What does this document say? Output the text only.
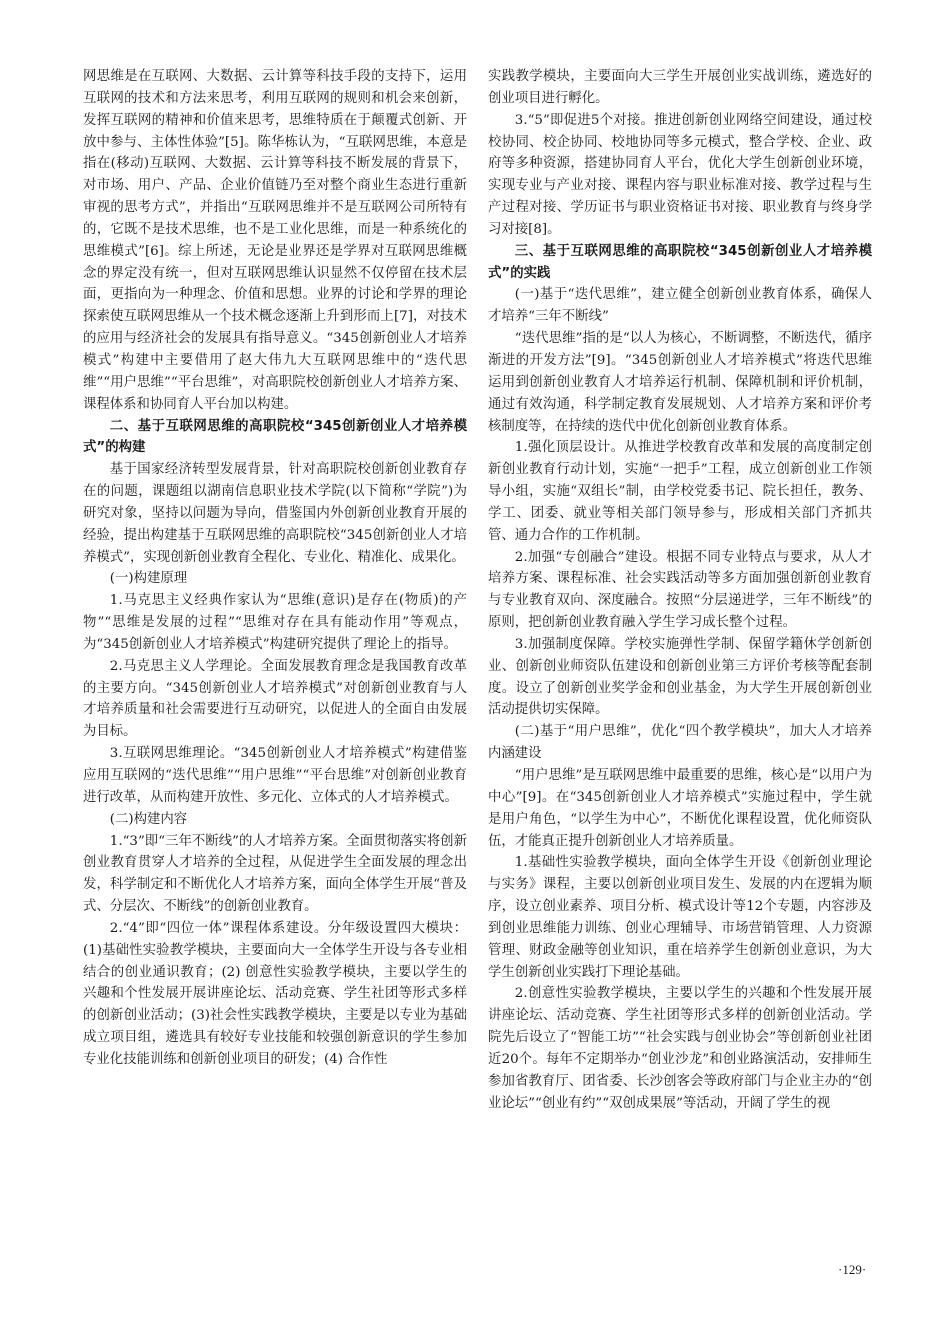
网思维是在互联网、大数据、云计算等科技手段的支持下，运用互联网的技术和方法来思考，利用互联网的规则和机会来创新，发挥互联网的精神和价值来思考，思维特质在于颠覆式创新、开放中参与、主体性体验”[5]。陈华栋认为，“互联网思维，本意是指在(移动)互联网、大数据、云计算等科技不断发展的背景下，对市场、用户、产品、企业价值链乃至对整个商业生态进行重新审视的思考方式”，并指出“互联网思维并不是互联网公司所特有的，它既不是技术思维，也不是工业化思维，而是一种系统化的思维模式”[6]。综上所述，无论是业界还是学界对互联网思维概念的界定没有统一，但对互联网思维认识显然不仅停留在技术层面，更指向为一种理念、价值和思想。业界的讨论和学界的理论探索使互联网思维从一个技术概念逐渐上升到形而上[7]，对技术的应用与经济社会的发展具有指导意义。“345创新创业人才培养模式”构建中主要借用了赵大伟九大互联网思维中的“迭代思维”“用户思维”“平台思维”，对高职院校创新创业人才培养方案、课程体系和协同育人平台加以构建。

二、基于互联网思维的高职院校“345创新创业人才培养模式”的构建

基于国家经济转型发展背景，针对高职院校创新创业教育存在的问题，课题组以湖南信息职业技术学院(以下简称“学院”)为研究对象，坚持以问题为导向，借鉴国内外创新创业教育开展的经验，提出构建基于互联网思维的高职院校“345创新创业人才培养模式”，实现创新创业教育全程化、专业化、精准化、成果化。

(一)构建原理

1.马克思主义经典作家认为“思维(意识)是存在(物质)的产物”“思维是发展的过程”“思维对存在具有能动作用”等观点，为“345创新创业人才培养模式”构建研究提供了理论上的指导。

2.马克思主义人学理论。全面发展教育理念是我国教育改革的主要方向。“345创新创业人才培养模式”对创新创业教育与人才培养质量和社会需要进行互动研究，以促进人的全面自由发展为目标。

3.互联网思维理论。“345创新创业人才培养模式”构建借鉴应用互联网的“迭代思维”“用户思维”“平台思维”对创新创业教育进行改革，从而构建开放性、多元化、立体式的人才培养模式。

(二)构建内容

1.“3”即“三年不断线”的人才培养方案。全面贯彻落实将创新创业教育贯穿人才培养的全过程，从促进学生全面发展的理念出发，科学制定和不断优化人才培养方案，面向全体学生开展“普及式、分层次、不断线”的创新创业教育。

2.“4”即“四位一体”课程体系建设。分年级设置四大模块：(1)基础性实验教学模块，主要面向大一全体学生开设与各专业相结合的创业通识教育；(2) 创意性实验教学模块，主要以学生的兴趣和个性发展开展讲座论坛、活动竞赛、学生社团等形式多样的创新创业活动；(3)社会性实践教学模块，主要是以专业为基础成立项目组，遴选具有较好专业技能和较强创新意识的学生参加专业化技能训练和创新创业项目的研发；(4) 合作性

实践教学模块，主要面向大三学生开展创业实战训练，遴选好的创业项目进行孵化。

3.“5”即促进5个对接。推进创新创业网络空间建设，通过校校协同、校企协同、校地协同等多元模式，整合学校、企业、政府等多种资源，搭建协同育人平台，优化大学生创新创业环境，实现专业与产业对接、课程内容与职业标准对接、教学过程与生产过程对接、学历证书与职业资格证书对接、职业教育与终身学习对接[8]。

三、基于互联网思维的高职院校“345创新创业人才培养模式”的实践
(一)基于“迭代思维”，建立健全创新创业教育体系，确保人才培养“三年不断线”

“迭代思维”指的是“以人为核心，不断调整，不断迭代，循序渐进的开发方法”[9]。“345创新创业人才培养模式”将迭代思维运用到创新创业教育人才培养运行机制、保障机制和评价机制，通过有效沟通，科学制定教育发展规划、人才培养方案和评价考核制度等，在持续的迭代中优化创新创业教育体系。

1.强化顶层设计。从推进学校教育改革和发展的高度制定创新创业教育行动计划，实施“一把手”工程，成立创新创业工作领导小组，实施“双组长”制，由学校党委书记、院长担任，教务、学工、团委、就业等相关部门领导参与，形成相关部门齐抓共管、通力合作的工作机制。

2.加强“专创融合”建设。根据不同专业特点与要求，从人才培养方案、课程标准、社会实践活动等多方面加强创新创业教育与专业教育双向、深度融合。按照“分层递进学，三年不断线”的原则，把创新创业教育融入学生学习成长整个过程。

3.加强制度保障。学校实施弹性学制、保留学籍休学创新创业、创新创业师资队伍建设和创新创业第三方评价考核等配套制度。设立了创新创业奖学金和创业基金，为大学生开展创新创业活动提供切实保障。

(二)基于“用户思维”，优化“四个教学模块”，加大人才培养内涵建设

“用户思维”是互联网思维中最重要的思维，核心是“以用户为中心”[9]。在“345创新创业人才培养模式”实施过程中，学生就是用户角色，“以学生为中心”，不断优化课程设置，优化师资队伍，才能真正提升创新创业人才培养质量。

1.基础性实验教学模块，面向全体学生开设《创新创业理论与实务》课程，主要以创新创业项目发生、发展的内在逻辑为顺序，设立创业素养、项目分析、模式设计等12个专题，内容涉及到创业思维能力训练、创业心理辅导、市场营销管理、人力资源管理、财政金融等创业知识，重在培养学生创新创业意识，为大学生创新创业实践打下理论基础。

2.创意性实验教学模块，主要以学生的兴趣和个性发展开展讲座论坛、活动竞赛、学生社团等形式多样的创新创业活动。学院先后设立了“智能工坊”“社会实践与创业协会”等创新创业社团近20个。每年不定期举办“创业沙龙”和创业路演活动，安排师生参加省教育厅、团省委、长沙创客会等政府部门与企业主办的“创业论坛”“创业有约”“双创成果展”等活动，开阔了学生的视

·129·
